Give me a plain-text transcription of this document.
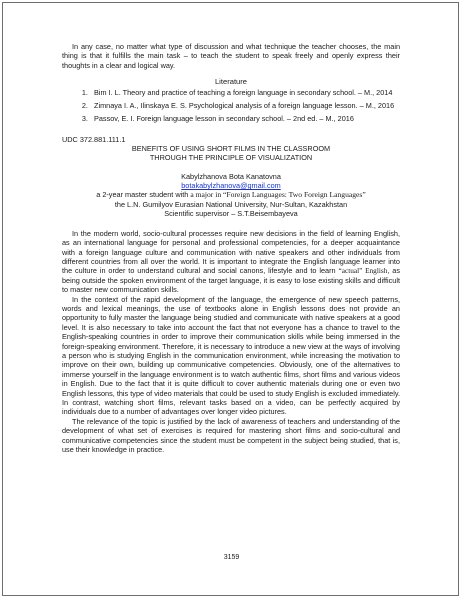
In any case, no matter what type of discussion and what technique the teacher chooses, the main thing is that it fulfills the main task – to teach the student to speak freely and openly express their thoughts in a clear and logical way.

Literature
1. Bim I. L. Theory and practice of teaching a foreign language in secondary school. – M., 2014
2. Zimnaya I. A., Ilinskaya E. S. Psychological analysis of a foreign language lesson. – M., 2016
3. Passov, E. I. Foreign language lesson in secondary school. – 2nd ed. – M., 2016
UDC 372.881.111.1
BENEFITS OF USING SHORT FILMS IN THE CLASSROOM
THROUGH THE PRINCIPLE OF VISUALIZATION
Kabylzhanova Bota Kanatovna
botakabylzhanova@gmail.com
a 2-year master student with a major in “Foreign Languages: Two Foreign Languages”
the L.N. Gumilyov Eurasian National University, Nur-Sultan, Kazakhstan
Scientific supervisor – S.T.Beisembayeva

In the modern world, socio-cultural processes require new decisions in the field of learning English, as an international language for personal and professional competencies, for a deeper acquaintance with a foreign language culture and communication with native speakers and other individuals from different countries from all over the world. It is important to integrate the English language learner into the culture in order to understand cultural and social canons, lifestyle and to learn “actual” English, as being outside the spoken environment of the target language, it is easy to lose existing skills and difficult to master new communication skills.

In the context of the rapid development of the language, the emergence of new speech patterns, words and lexical meanings, the use of textbooks alone in English lessons does not provide an opportunity to fully master the language being studied and communicate with native speakers at a good level. It is also necessary to take into account the fact that not everyone has a chance to travel to the English-speaking countries in order to improve their communication skills while being immersed in the foreign-speaking environment. Therefore, it is necessary to introduce a new view at the ways of involving a person who is studying English in the communication environment, while increasing the motivation to improve on their own, building up communicative competencies. Obviously, one of the alternatives to immerse yourself in the language environment is to watch authentic films, short films and various videos in English. Due to the fact that it is quite difficult to cover authentic materials during one or even two English lessons, this type of video materials that could be used to study English is excluded immediately. In contrast, watching short films, relevant tasks based on a video, can be perfectly acquired by individuals due to a number of advantages over longer video pictures.

The relevance of the topic is justified by the lack of awareness of teachers and understanding of the development of what set of exercises is required for mastering short films and socio-cultural and communicative competencies since the student must be competent in the subject being studied, that is, use their knowledge in practice.

3159
